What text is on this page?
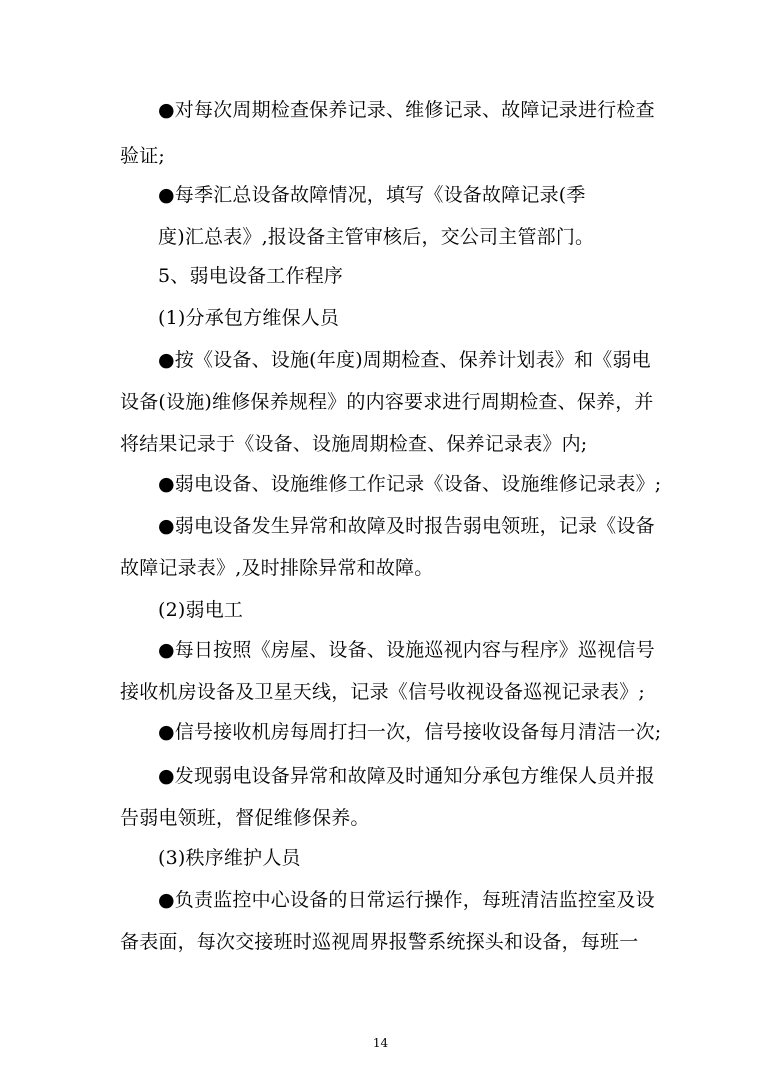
●对每次周期检查保养记录、维修记录、故障记录进行检查
验证;
●每季汇总设备故障情况，填写《设备故障记录(季
度)汇总表》,报设备主管审核后，交公司主管部门。
5、弱电设备工作程序
(1)分承包方维保人员
●按《设备、设施(年度)周期检查、保养计划表》和《弱电
设备(设施)维修保养规程》的内容要求进行周期检查、保养，并
将结果记录于《设备、设施周期检查、保养记录表》内;
●弱电设备、设施维修工作记录《设备、设施维修记录表》;
●弱电设备发生异常和故障及时报告弱电领班，记录《设备
故障记录表》,及时排除异常和故障。
(2)弱电工
●每日按照《房屋、设备、设施巡视内容与程序》巡视信号
接收机房设备及卫星天线，记录《信号收视设备巡视记录表》;
●信号接收机房每周打扫一次，信号接收设备每月清洁一次;
●发现弱电设备异常和故障及时通知分承包方维保人员并报
告弱电领班，督促维修保养。
(3)秩序维护人员
●负责监控中心设备的日常运行操作，每班清洁监控室及设
备表面，每次交接班时巡视周界报警系统探头和设备，每班一
14
